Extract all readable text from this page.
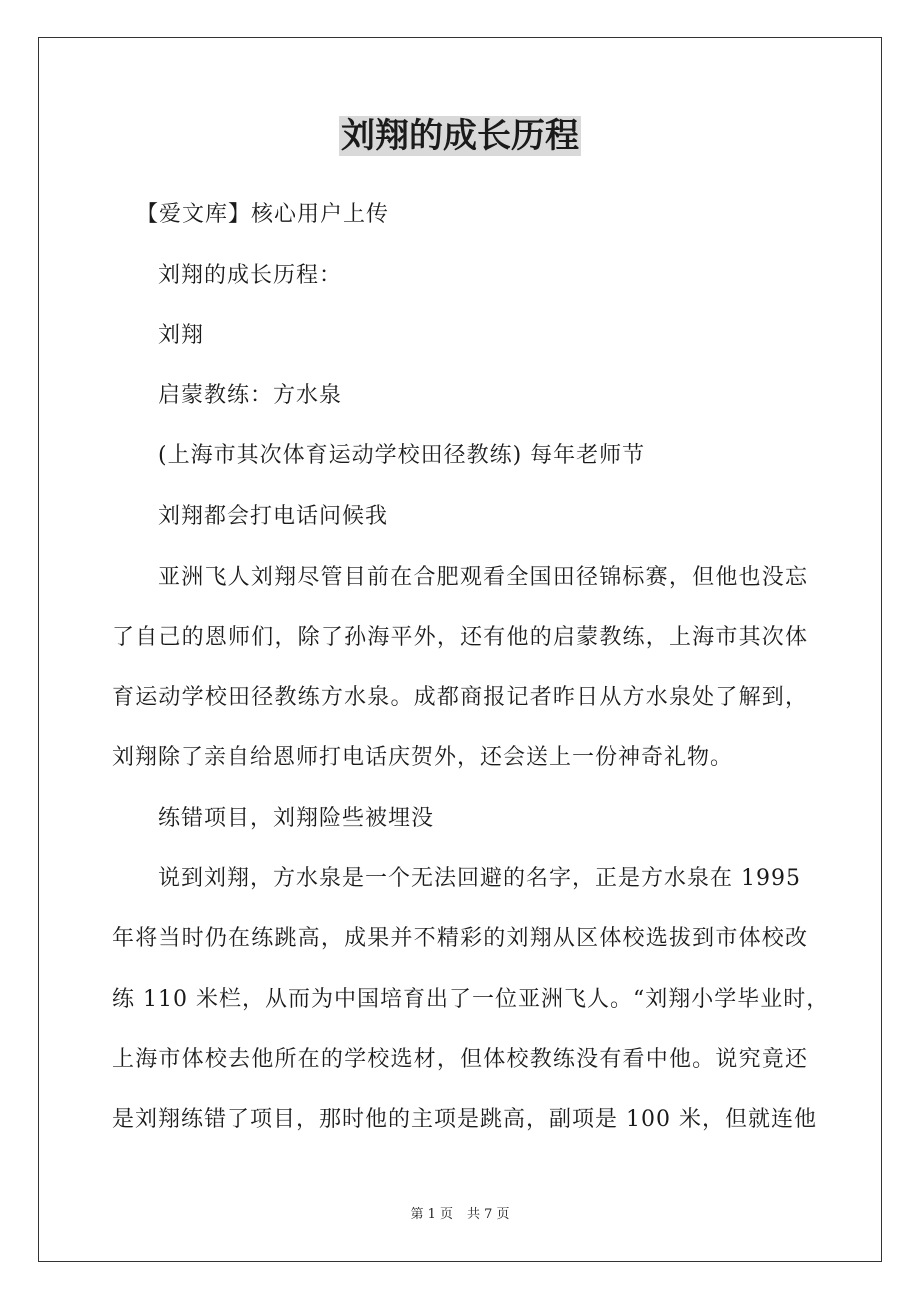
刘翔的成长历程

【爱文库】核心用户上传

刘翔的成长历程：

刘翔

启蒙教练：方水泉

(上海市其次体育运动学校田径教练) 每年老师节

刘翔都会打电话问候我

亚洲飞人刘翔尽管目前在合肥观看全国田径锦标赛，但他也没忘

了自己的恩师们，除了孙海平外，还有他的启蒙教练，上海市其次体

育运动学校田径教练方水泉。成都商报记者昨日从方水泉处了解到，

刘翔除了亲自给恩师打电话庆贺外，还会送上一份神奇礼物。

练错项目，刘翔险些被埋没

说到刘翔，方水泉是一个无法回避的名字，正是方水泉在 1995

年将当时仍在练跳高，成果并不精彩的刘翔从区体校选拔到市体校改

练 110 米栏，从而为中国培育出了一位亚洲飞人。“刘翔小学毕业时，

上海市体校去他所在的学校选材，但体校教练没有看中他。说究竟还

是刘翔练错了项目，那时他的主项是跳高，副项是 100 米，但就连他

第 1 页 共 7 页
